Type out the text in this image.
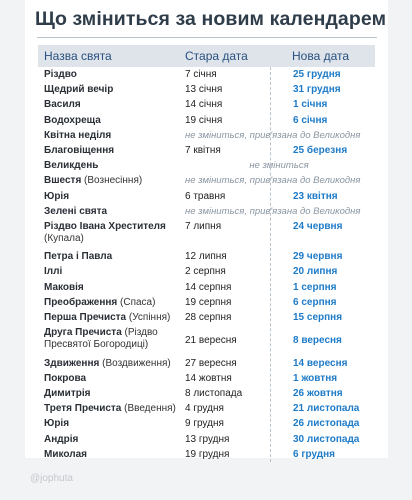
Що зміниться за новим календарем
Назва свята	Стара дата	Нова дата
Різдво	7 січня	25 грудня
Щедрий вечір	13 січня	31 грудня
Василя	14 січня	1 січня
Водохреща	19 січня	6 січня
Квітна неділя	не зміниться, прив'язана до Великодня
Благовіщення	7 квітня	25 березня
Великдень	не зміниться
Вшестя (Вознесіння)	не зміниться, прив'язана до Великодня
Юрія	6 травня	23 квітня
Зелені свята	не зміниться, прив'язана до Великодня
Різдво Івана Хрестителя
(Купала)
7 липня	24 червня
Петра і Павла	12 липня	29 червня
Іллі	2 серпня	20 липня
Маковія	14 серпня	1 серпня
Преображення (Спаса)	19 серпня	6 серпня
Перша Пречиста (Успіння)	28 серпня	15 серпня
Друга Пречиста (Різдво Пресвятої Богородиці)	21 вересня	8 вересня
Здвиження (Воздвиження)	27 вересня	14 вересня
Покрова	14 жовтня	1 жовтня
Димитрія	8 листопада	26 жовтня
Третя Пречиста (Введення) 4 грудня	21 листопала
Юрія	9 грудня	26 листопада
Андрія	13 грудня	30 листопада
Миколая	19 грудня	6 грудня
@jophuta
